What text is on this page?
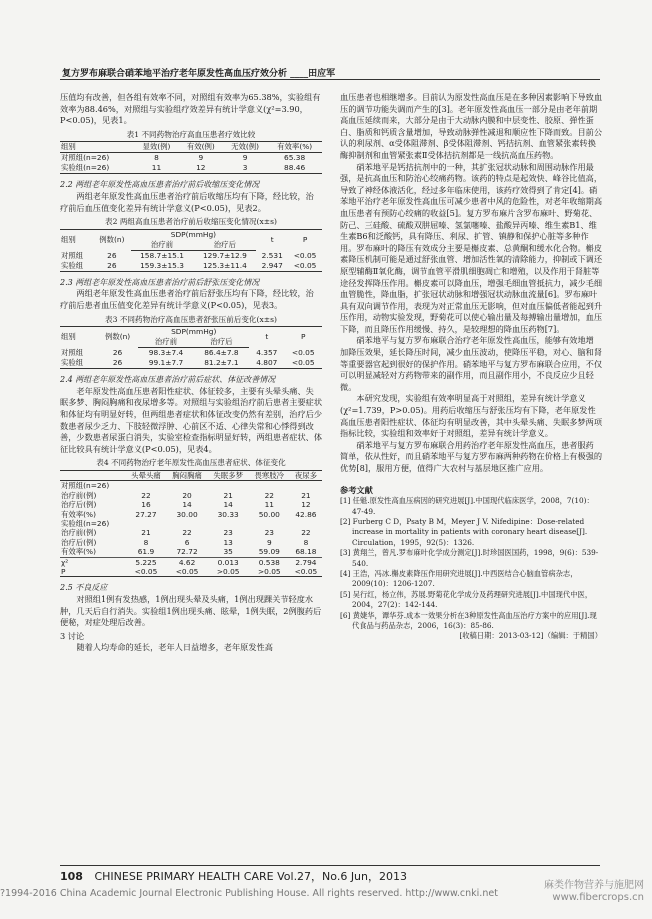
复方罗布麻联合硝苯地平治疗老年原发性高血压疗效分析 ____田应军

压值均有改善，但各组有效率不同，对照组有效率为65.38%，实验组有效率为88.46%，对照组与实验组疗效差异有统计学意义(χ²=3.90，P<0.05)，见表1。

表1 不同药物治疗高血压患者疗效比较

组别	显效(例)	有效(例)	无效(例)	有效率(%)
对照组(n=26)	8	9	9	65.38
实验组(n=26)	11	12	3	88.46

2.2 两组老年原发性高血压患者治疗前后收缩压变化情况

两组老年原发性高血压患者治疗前后收缩压均有下降，经比较，治疗前后血压值变化差异有统计学意义(P<0.05)，见表2。

表2 两组高血压患者治疗前后收缩压变化情况(x±s)

组别	例数(n)	SDP(mmHg)		t	P
		治疗前	治疗后		
对照组	26	158.7±15.1	129.7±12.9	2.531	<0.05
实验组	26	159.3±15.3	125.3±11.4	2.947	<0.05

2.3 两组老年原发性高血压患者治疗前后舒张压变化情况

两组老年原发性高血压患者治疗前后舒张压均有下降，经比较，治疗前后患者血压值变化差异有统计学意义(P<0.05)，见表3。

表3 不同药物治疗高血压患者舒张压前后变化(x±s)

组别	例数(n)	SDP(mmHg)		t	P
		治疗前	治疗后		
对照组	26	98.3±7.4	86.4±7.8	4.357	<0.05
实验组	26	99.1±7.7	81.2±7.1	4.807	<0.05

2.4 两组老年原发性高血压患者治疗前后症状、体征改善情况

老年原发性高血压患者阳性症状、体征较多，主要有头晕头痛、失眠多梦、胸闷胸痛和夜尿增多等。对照组与实验组治疗前后患者主要症状和体征均有明显好转，但两组患者症状和体征改变仍然有差别，治疗后少数患者尿少乏力、下肢轻微浮肿、心前区不适、心律失常和心悸得到改善，少数患者尿蛋白消失，实验室检查指标明显好转，两组患者症状、体征比较具有统计学意义(P<0.05)，见表4。

表4 不同药物治疗老年原发性高血压患者症状、体征变化

	头晕头痛	胸闷胸痛	失眠多梦	畏寒肢冷	夜尿多
对照组(n=26)					
治疗前(例)	22	20	21	22	21
治疗后(例)	16	14	14	11	12
有效率(%)	27.27	30.00	30.33	50.00	42.86
实验组(n=26)					
治疗前(例)	21	22	23	23	22
治疗后(例)	8	6	13	9	8
有效率(%)	61.9	72.72	35	59.09	68.18
χ²	5.225	4.62	0.013	0.538	2.794
P	<0.05	<0.05	>0.05	>0.05	<0.05

2.5 不良反应

对照组1例有发热感，1例出现头晕及头痛，1例出现踝关节轻度水肿，几天后自行消失。实验组1例出现头痛、眩晕，1例失眠，2例腹药后便秘，对症处理后改善。

3 讨论

随着人均寿命的延长，老年人日益增多，老年原发性高

血压患者也相继增多。目前认为原发性高血压是在多种因素影响下导致血压的调节功能失调而产生的[3]。老年原发性高血压一部分是由老年前期高血压延续而来，大部分是由于大动脉内膜和中层变性、胶原、弹性蛋白、脂质和钙质含量增加，导致动脉弹性减退和顺应性下降而致。目前公认的利尿剂、α受体阻滞剂、β受体阻滞剂、钙拮抗剂、血管紧张素转换酶抑制剂和血管紧张素Ⅱ受体拮抗剂都是一线抗高血压药物。

硝苯地平是钙拮抗剂中的一种，其扩张冠状动脉和周围动脉作用最强，是抗高血压和防治心绞痛药物。该药的特点是起效快、峰谷比值高，导致了神经体液活化，经过多年临床使用，该药疗效得到了肯定[4]。硝苯地平治疗老年原发性高血压可减少患者中风的危险性，对老年收缩期高血压患者有预防心绞痛的收益[5]。复方罗布麻片含罗布麻叶、野菊花、防己、三硅酸、硫酸双肼屈嗪、氢氯噻嗪、盐酸异丙嗪、维生素B1、维生素B6和泛酸钙，具有降压、利尿、扩管、镇静和保护心脏等多种作用。罗布麻叶的降压有效成分主要是槲皮素、总黄酮和缓水化合物。槲皮素降压机制可能是通过舒张血管、增加活性氧的清除能力，抑制或下调还原型辅酶Ⅱ氧化酶，调节血管平滑肌细胞凋亡和增殖，以及作用于肾脏等途径发挥降压作用。槲皮素可以降血压，增强毛细血管抵抗力，减少毛细血管脆性，降血脂，扩张冠状动脉和增强冠状动脉血流量[6]。罗布麻叶具有双向调节作用，表现为对正常血压无影响，但对血压偏低者能起到升压作用，动物实验发现，野菊花可以使心输出量及每搏输出量增加，血压下降，而且降压作用缓慢、持久，是较理想的降血压药物[7]。

硝苯地平与复方罗布麻联合治疗老年原发性高血压，能够有效地增加降压效果，延长降压时间，减少血压波动，使降压平稳，对心、脑和肾等重要器官起到很好的保护作用。硝苯地平与复方罗布麻联合应用，不仅可以明显减轻对方药物带来的副作用，而且副作用小，不良反应少且轻微。

本研究发现，实验组有效率明显高于对照组，差异有统计学意义(χ²=1.739，P>0.05)。用药后收缩压与舒张压均有下降，老年原发性高血压患者阳性症状、体征均有明显改善，其中头晕头痛、失眠多梦两项指标比较，实验组和效率好于对照组，差异有统计学意义。

硝苯地平与复方罗布麻联合用药治疗老年原发性高血压，患者服药简单，依从性好，而且硝苯地平与复方罗布麻两种药物在价格上有极强的优势[8]，服用方便，值得广大农村与基层地区推广应用。

参考文献

[1] 任魁.原发性高血压病因的研究进展[J].中国现代临床医学，2008，7(10)：47-49.

[2] Furberg C D，Psaty B M，Meyer J V. Nifedipine：Dose-related increase in mortality in patients with coronary heart disease[J]. Circulation，1995，92(5)：1326.

[3] 黄翔兰，曾凡.罗布麻叶化学成分测定[J].时珍国医国药，1998，9(6)：539-540.

[4] 王浩，冯冰.槲皮素降压作用研究进展[J].中西医结合心脑血管病杂志，2009(10)：1206-1207.

[5] 吴行红，杨立伟，苏展.野菊花化学成分及药理研究进展[J].中国现代中医，2004，27(2)：142-144.

[6] 黄婕华，谭华芬.成本一效果分析在3种原发性高血压治疗方案中的应用[J].现代食品与药品杂志，2006，16(3)：85-86.

[收稿日期：2013-03-12]（编辑：于精国）

108 CHINESE PRIMARY HEALTH CARE Vol.27，No.6 Jun，2013
?1994-2016 China Academic Journal Electronic Publishing House. All rights reserved. http://www.cnki.net
麻类作物营养与施肥网
www.fibercrops.cn
